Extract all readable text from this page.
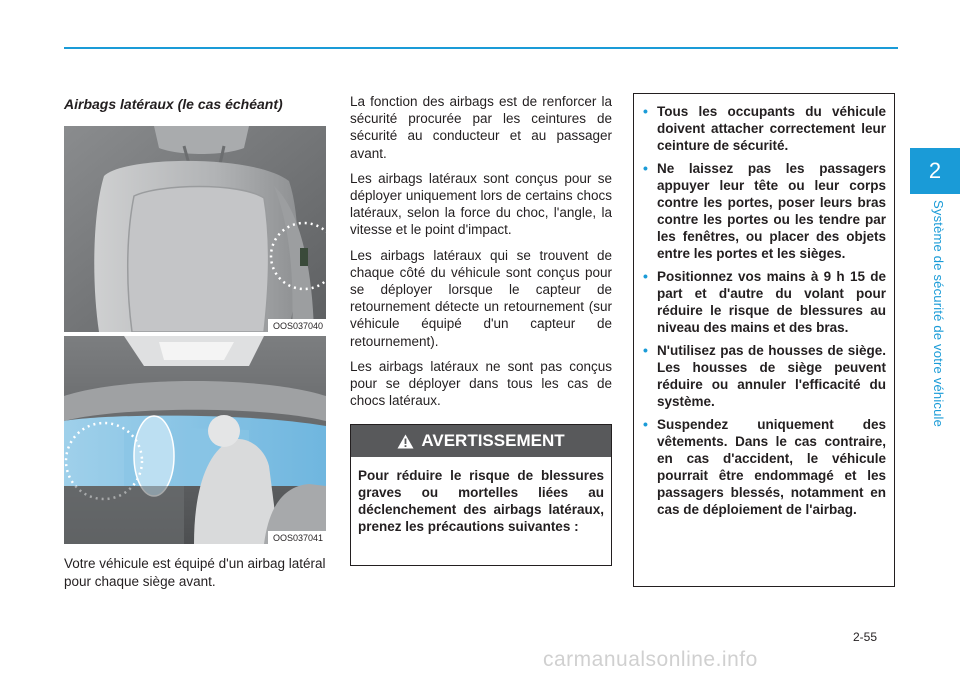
2
Système de sécurité de votre véhicule
Airbags latéraux (le cas échéant)
OOS037040
OOS037041
Votre véhicule est équipé d'un airbag latéral pour chaque siège avant.

La fonction des airbags est de renforcer la sécurité procurée par les ceintures de sécurité au conducteur et au passager avant.

Les airbags latéraux sont conçus pour se déployer uniquement lors de certains chocs latéraux, selon la force du choc, l'angle, la vitesse et le point d'impact.

Les airbags latéraux qui se trouvent de chaque côté du véhicule sont conçus pour se déployer lorsque le capteur de retournement détecte un retournement (sur véhicule équipé d'un capteur de retournement).

Les airbags latéraux ne sont pas conçus pour se déployer dans tous les cas de chocs latéraux.

AVERTISSEMENT
Pour réduire le risque de blessures graves ou mortelles liées au déclenchement des airbags latéraux, prenez les précautions suivantes :
• Tous les occupants du véhicule doivent attacher correctement leur ceinture de sécurité.
• Ne laissez pas les passagers appuyer leur tête ou leur corps contre les portes, poser leurs bras contre les portes ou les tendre par les fenêtres, ou placer des objets entre les portes et les sièges.
• Positionnez vos mains à 9 h 15 de part et d'autre du volant pour réduire le risque de blessures au niveau des mains et des bras.
• N'utilisez pas de housses de siège. Les housses de siège peuvent réduire ou annuler l'efficacité du système.
• Suspendez uniquement des vêtements. Dans le cas contraire, en cas d'accident, le véhicule pourrait être endommagé et les passagers blessés, notamment en cas de déploiement de l'airbag.
2-55
carmanualsonline.info
